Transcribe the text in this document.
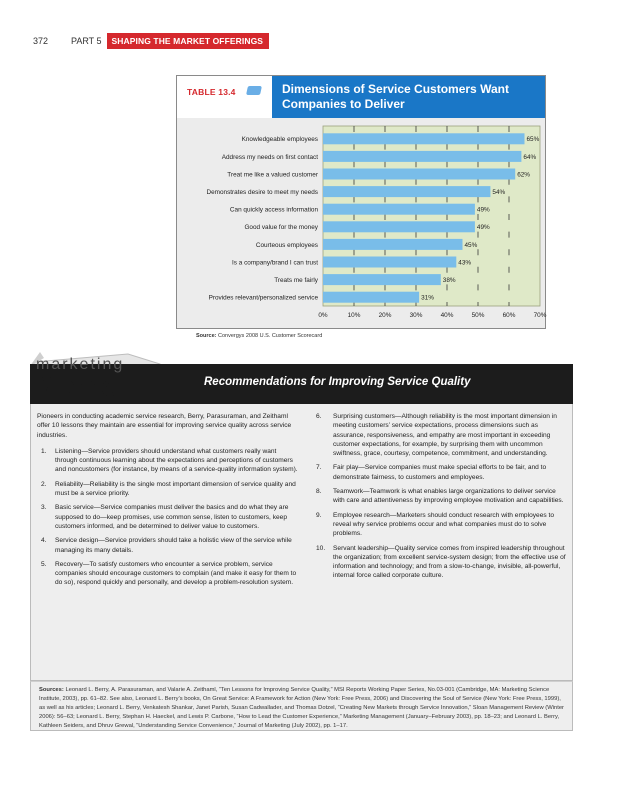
372	PART 5	SHAPING THE MARKET OFFERINGS
TABLE 13.4	Dimensions of Service Customers Want Companies to Deliver
Knowledgeable employees	65%
Address my needs on first contact	64%
Treat me like a valued customer	62%
Demonstrates desire to meet my needs	54%
Can quickly access information	49%
Good value for the money	49%
Courteous employees	45%
Is a company/brand I can trust	43%
Treats me fairly	38%
Provides relevant/personalized service	31%
0%	10%	20%	30%	40%	50%	60%	70%
Source: Convergys 2008 U.S. Customer Scorecard
marketing
Memo	Recommendations for Improving Service Quality

Pioneers in conducting academic service research, Berry, Parasuraman, and Zeithaml offer 10 lessons they maintain are essential for improving service quality across service industries.

1. Listening—Service providers should understand what customers really want through continuous learning about the expectations and perceptions of customers and noncustomers (for instance, by means of a service-quality information system).
2. Reliability—Reliability is the single most important dimension of service quality and must be a service priority.
3. Basic service—Service companies must deliver the basics and do what they are supposed to do—keep promises, use common sense, listen to customers, keep customers informed, and be determined to deliver value to customers.
4. Service design—Service providers should take a holistic view of the service while managing its many details.
5. Recovery—To satisfy customers who encounter a service problem, service companies should encourage customers to complain (and make it easy for them to do so), respond quickly and personally, and develop a problem-resolution system.
6. Surprising customers—Although reliability is the most important dimension in meeting customers’ service expectations, process dimensions such as assurance, responsiveness, and empathy are most important in exceeding customer expectations, for example, by surprising them with uncommon swiftness, grace, courtesy, competence, commitment, and understanding.
7. Fair play—Service companies must make special efforts to be fair, and to demonstrate fairness, to customers and employees.
8. Teamwork—Teamwork is what enables large organizations to deliver service with care and attentiveness by improving employee motivation and capabilities.
9. Employee research—Marketers should conduct research with employees to reveal why service problems occur and what companies must do to solve problems.
10. Servant leadership—Quality service comes from inspired leadership throughout the organization; from excellent service-system design; from the effective use of information and technology; and from a slow-to-change, invisible, all-powerful, internal force called corporate culture.
Sources: Leonard L. Berry, A. Parasuraman, and Valarie A. Zeithaml, “Ten Lessons for Improving Service Quality,” MSI Reports Working Paper Series, No.03-001 (Cambridge, MA: Marketing Science Institute, 2003), pp. 61–82. See also, Leonard L. Berry’s books, On Great Service: A Framework for Action (New York: Free Press, 2006) and Discovering the Soul of Service (New York: Free Press, 1999), as well as his articles; Leonard L. Berry, Venkatesh Shankar, Janet Parish, Susan Cadwallader, and Thomas Dotzel, “Creating New Markets through Service Innovation,” Sloan Management Review (Winter 2006): 56–63; Leonard L. Berry, Stephan H. Haeckel, and Lewis P. Carbone, “How to Lead the Customer Experience,” Marketing Management (January–February 2003), pp. 18–23; and Leonard L. Berry, Kathleen Seiders, and Dhruv Grewal, “Understanding Service Convenience,” Journal of Marketing (July 2002), pp. 1–17.
